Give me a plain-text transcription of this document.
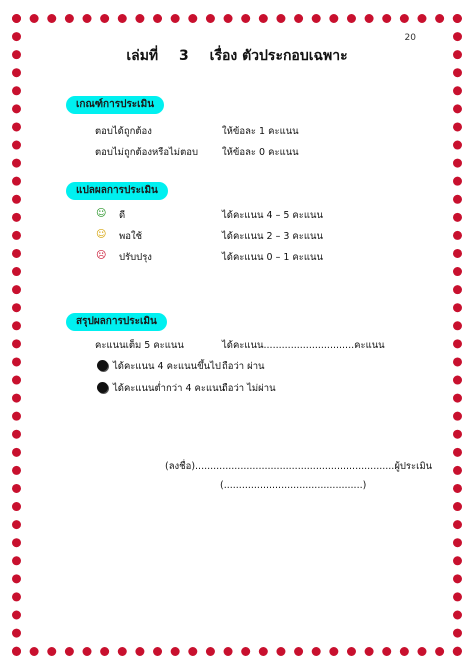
20
เล่มที่ 3 เรื่อง ตัวประกอบเฉพาะ
เกณฑ์การประเมิน
ตอบได้ถูกต้อง	ให้ข้อละ 1 คะแนน
ตอบไม่ถูกต้องหรือไม่ตอบ	ให้ข้อละ 0 คะแนน
แปลผลการประเมิน
☺ ดี	ได้คะแนน 4 – 5 คะแนน
☺ พอใช้	ได้คะแนน 2 – 3 คะแนน
☹ ปรับปรุง	ได้คะแนน 0 – 1 คะแนน
สรุปผลการประเมิน
คะแนนเต็ม 5 คะแนน	ได้คะแนน..............................คะแนน
ได้คะแนน 4 คะแนนขึ้นไป ถือว่า ผ่าน
ได้คะแนนต่ำกว่า 4 คะแนน
ถือว่า ไม่ผ่าน
(ลงชื่อ)..................................................................ผู้ประเมิน
(..............................................)
